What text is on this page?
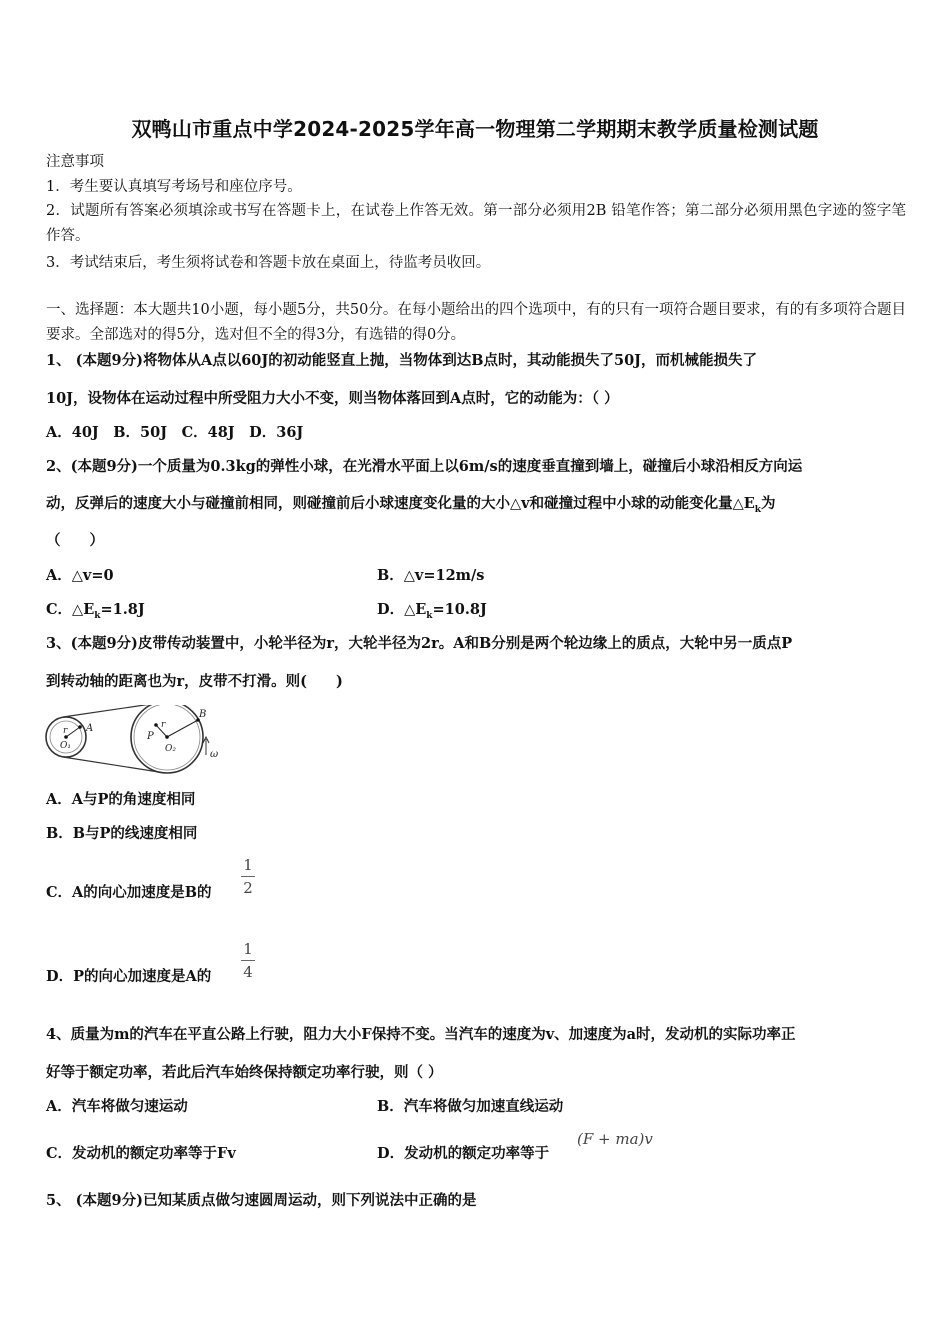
双鸭山市重点中学2024-2025学年高一物理第二学期期末教学质量检测试题
注意事项
1．考生要认真填写考场号和座位序号。
2．试题所有答案必须填涂或书写在答题卡上，在试卷上作答无效。第一部分必须用2B 铅笔作答；第二部分必须用黑色字迹的签字笔作答。
3．考试结束后，考生须将试卷和答题卡放在桌面上，待监考员收回。
一、选择题：本大题共10小题，每小题5分，共50分。在每小题给出的四个选项中，有的只有一项符合题目要求，有的有多项符合题目要求。全部选对的得5分，选对但不全的得3分，有选错的得0分。
1、 (本题9分)将物体从A点以60J的初动能竖直上抛，当物体到达B点时，其动能损失了50J，而机械能损失了
10J，设物体在运动过程中所受阻力大小不变，则当物体落回到A点时，它的动能为：（ ）
A．40J　B．50J　C．48J　D．36J
2、(本题9分)一个质量为0.3kg的弹性小球，在光滑水平面上以6m/s的速度垂直撞到墙上，碰撞后小球沿相反方向运
动，反弹后的速度大小与碰撞前相同，则碰撞前后小球速度变化量的大小△v和碰撞过程中小球的动能变化量$\triangle E_k$为
（　　）
A．△v=0	B．△v=12m/s
C．$\triangle E_k=1.8J$	D．$\triangle E_k=10.8J$
3、(本题9分)皮带传动装置中，小轮半径为r，大轮半径为2r。A和B分别是两个轮边缘上的质点，大轮中另一质点P
到转动轴的距离也为r，皮带不打滑。则(　　)
r A
O₁
r
B
P
O₂	ω
A．A与P的角速度相同
B．B与P的线速度相同
C．A的向心加速度是B的
1
2
D．P的向心加速度是A的
1
4
4、质量为m的汽车在平直公路上行驶，阻力大小F保持不变。当汽车的速度为v、加速度为a时，发动机的实际功率正
好等于额定功率，若此后汽车始终保持额定功率行驶，则（ ）
A．汽车将做匀速运动	B．汽车将做匀加速直线运动
C．发动机的额定功率等于Fv	D．发动机的额定功率等于
(F + ma)v
5、 (本题9分)已知某质点做匀速圆周运动，则下列说法中正确的是
